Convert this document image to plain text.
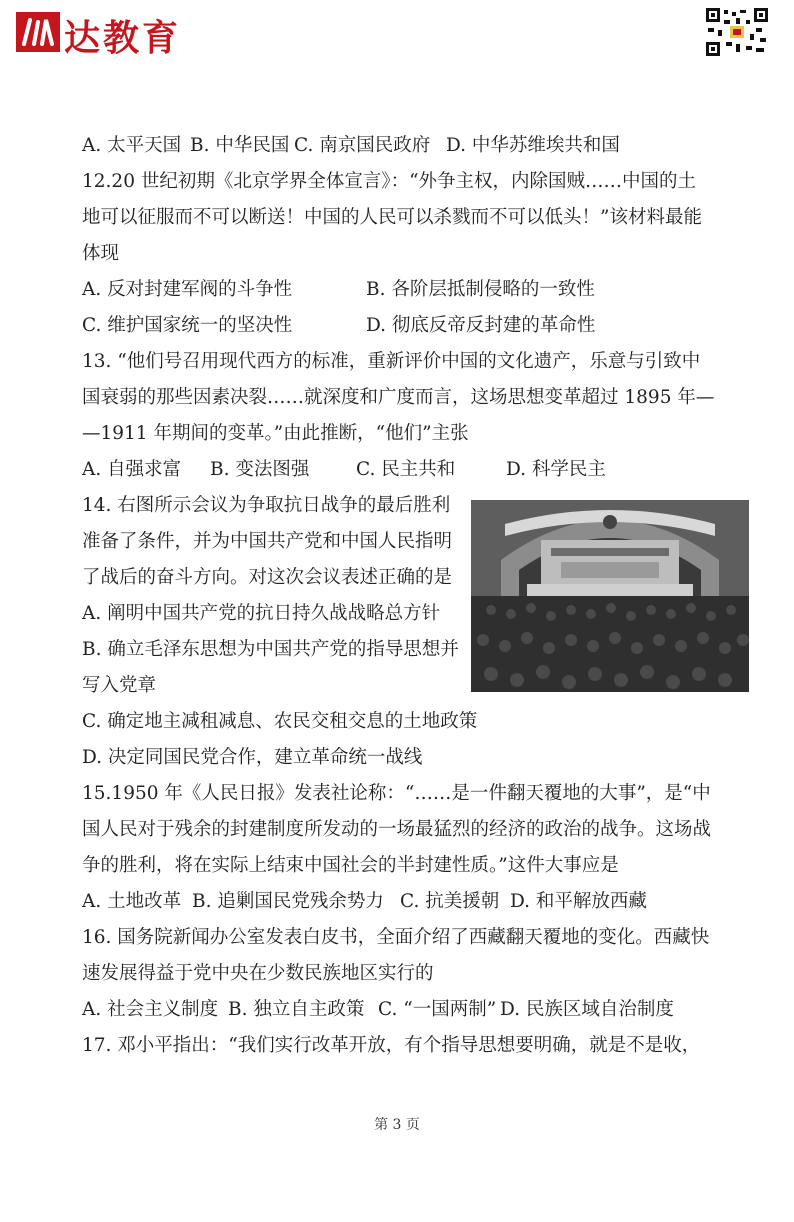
达教育
A. 太平天国 B. 中华民国 C. 南京国民政府 D. 中华苏维埃共和国
12.20 世纪初期《北京学界全体宣言》：“外争主权，内除国贼……中国的土
地可以征服而不可以断送！中国的人民可以杀戮而不可以低头！”该材料最能
体现
A. 反对封建军阀的斗争性	B. 各阶层抵制侵略的一致性
C. 维护国家统一的坚决性	D. 彻底反帝反封建的革命性
13. “他们号召用现代西方的标准，重新评价中国的文化遗产，乐意与引致中
国衰弱的那些因素决裂……就深度和广度而言，这场思想变革超过 1895 年—
—1911 年期间的变革。”由此推断，“他们”主张
A. 自强求富 B. 变法图强	C. 民主共和	D. 科学民主
14. 右图所示会议为争取抗日战争的最后胜利
准备了条件，并为中国共产党和中国人民指明
了战后的奋斗方向。对这次会议表述正确的是
A. 阐明中国共产党的抗日持久战战略总方针
B. 确立毛泽东思想为中国共产党的指导思想并
写入党章
C. 确定地主减租减息、农民交租交息的土地政策
D. 决定同国民党合作，建立革命统一战线
15.1950 年《人民日报》发表社论称：“……是一件翻天覆地的大事”，是“中
国人民对于残余的封建制度所发动的一场最猛烈的经济的政治的战争。这场战
争的胜利，将在实际上结束中国社会的半封建性质。”这件大事应是
A. 土地改革 B. 追剿国民党残余势力 C. 抗美援朝 D. 和平解放西藏
16. 国务院新闻办公室发表白皮书，全面介绍了西藏翻天覆地的变化。西藏快
速发展得益于党中央在少数民族地区实行的
A. 社会主义制度 B. 独立自主政策 C. “一国两制” D. 民族区域自治制度
17. 邓小平指出：“我们实行改革开放，有个指导思想要明确，就是不是收，
第 3 页
